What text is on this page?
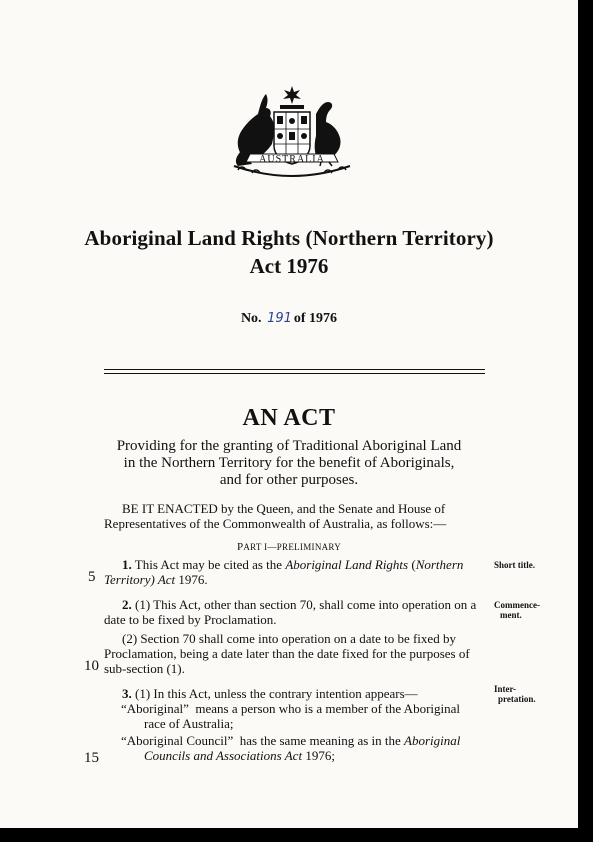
AUSTRALIA
Aboriginal Land Rights (Northern Territory)
Act 1976
No. 191 of 1976
AN ACT
Providing for the granting of Traditional Aboriginal Land
in the Northern Territory for the benefit of Aboriginals,
and for other purposes.
BE IT ENACTED by the Queen, and the Senate and House of
Representatives of the Commonwealth of Australia, as follows:—
PART I—PRELIMINARY
1. This Act may be cited as the Aboriginal Land Rights (Northern
Territory) Act 1976.
Short title.
5
2. (1) This Act, other than section 70, shall come into operation on a
date to be fixed by Proclamation.
Commence-
ment.
(2) Section 70 shall come into operation on a date to be fixed by
Proclamation, being a date later than the date fixed for the purposes of
sub-section (1).
10
3. (1) In this Act, unless the contrary intention appears—	Inter-
pretation.
“Aboriginal” means a person who is a member of the Aboriginal
race of Australia;
“Aboriginal Council” has the same meaning as in the Aboriginal
Councils and Associations Act 1976;
15
